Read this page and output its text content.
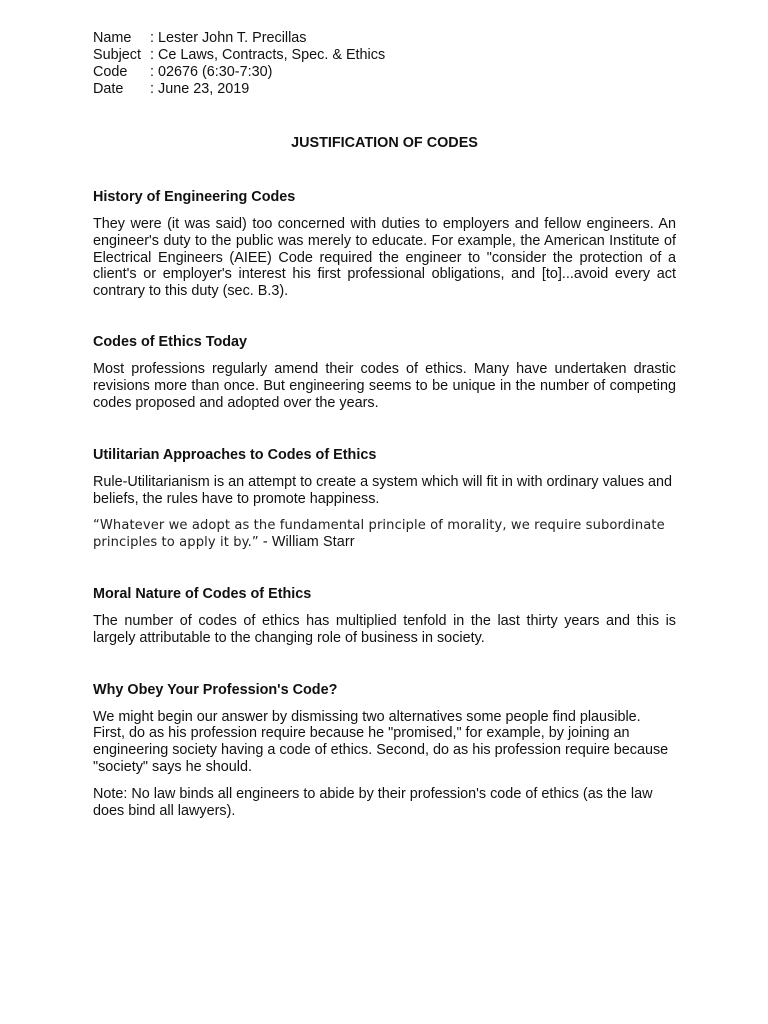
Name : Lester John T. Precillas
Subject : Ce Laws, Contracts, Spec. & Ethics
Code : 02676 (6:30-7:30)
Date : June 23, 2019
JUSTIFICATION OF CODES
History of Engineering Codes

They were (it was said) too concerned with duties to employers and fellow engineers. An engineer's duty to the public was merely to educate. For example, the American Institute of Electrical Engineers (AIEE) Code required the engineer to "consider the protection of a client's or employer's interest his first professional obligations, and [to]...avoid every act contrary to this duty (sec. B.3).

Codes of Ethics Today

Most professions regularly amend their codes of ethics. Many have undertaken drastic revisions more than once. But engineering seems to be unique in the number of competing codes proposed and adopted over the years.

Utilitarian Approaches to Codes of Ethics

Rule-Utilitarianism is an attempt to create a system which will fit in with ordinary values and beliefs, the rules have to promote happiness.

“Whatever we adopt as the fundamental principle of morality, we require subordinate principles to apply it by.” - William Starr
Moral Nature of Codes of Ethics

The number of codes of ethics has multiplied tenfold in the last thirty years and this is largely attributable to the changing role of business in society.

Why Obey Your Profession's Code?

We might begin our answer by dismissing two alternatives some people find plausible. First, do as his profession require because he "promised," for example, by joining an engineering society having a code of ethics. Second, do as his profession require because "society" says he should.

Note: No law binds all engineers to abide by their profession's code of ethics (as the law does bind all lawyers).
